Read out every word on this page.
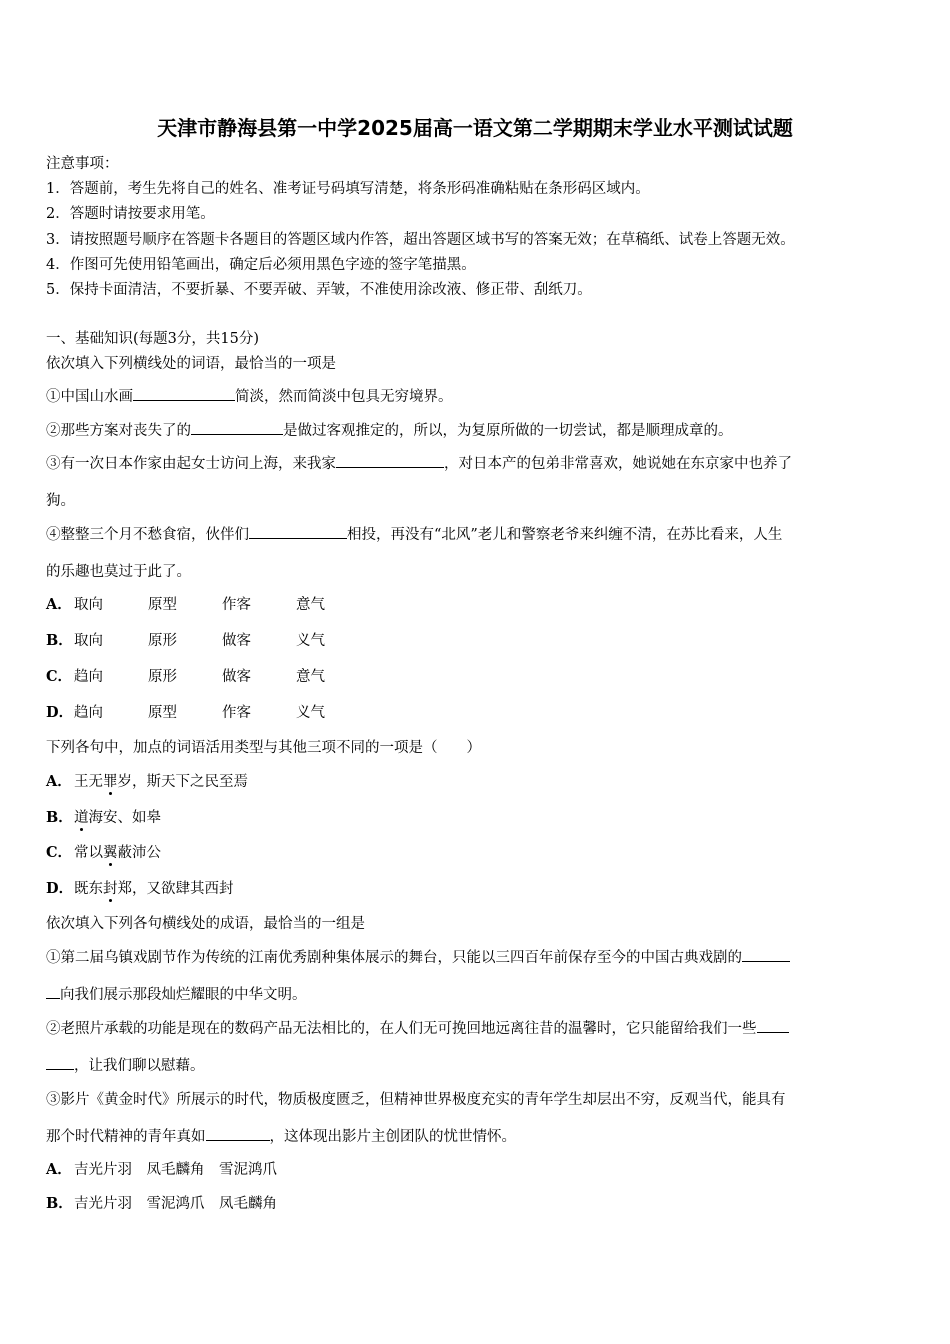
天津市静海县第一中学2025届高一语文第二学期期末学业水平测试试题
注意事项：
1．答题前，考生先将自己的姓名、准考证号码填写清楚，将条形码准确粘贴在条形码区域内。
2．答题时请按要求用笔。
3．请按照题号顺序在答题卡各题目的答题区域内作答，超出答题区域书写的答案无效；在草稿纸、试卷上答题无效。
4．作图可先使用铅笔画出，确定后必须用黑色字迹的签字笔描黑。
5．保持卡面清洁，不要折暴、不要弄破、弄皱，不准使用涂改液、修正带、刮纸刀。
一、基础知识(每题3分，共15分)
依次填入下列横线处的词语，最恰当的一项是
①中国山水画	简淡，然而简淡中包具无穷境界。
②那些方案对丧失了的	是做过客观推定的，所以，为复原所做的一切尝试，都是顺理成章的。
③有一次日本作家由起女士访问上海，来我家	，对日本产的包弟非常喜欢，她说她在东京家中也养了
狗。
④整整三个月不愁食宿，伙伴们	相投，再没有“北风”老儿和警察老爷来纠缠不清，在苏比看来，人生
的乐趣也莫过于此了。
A． 取向	原型	作客	意气
B．取向	原形	做客	义气
C． 趋向	原形	做客	意气
D．趋向	原型	作客	义气
下列各句中，加点的词语活用类型与其他三项不同的一项是（　　）
A． 王无罪岁，斯天下之民至焉
B．道海安、如皋
C． 常以翼蔽沛公
D．既东封郑，又欲肆其西封
依次填入下列各句横线处的成语，最恰当的一组是
①第二届乌镇戏剧节作为传统的江南优秀剧种集体展示的舞台，只能以三四百年前保存至今的中国古典戏剧的
向我们展示那段灿烂耀眼的中华文明。
②老照片承载的功能是现在的数码产品无法相比的，在人们无可挽回地远离往昔的温馨时，它只能留给我们一些
，让我们聊以慰藉。
③影片《黄金时代》所展示的时代，物质极度匮乏，但精神世界极度充实的青年学生却层出不穷，反观当代，能具有
那个时代精神的青年真如	，这体现出影片主创团队的忧世情怀。
A． 吉光片羽　凤毛麟角　雪泥鸿爪
B．吉光片羽　雪泥鸿爪　凤毛麟角
